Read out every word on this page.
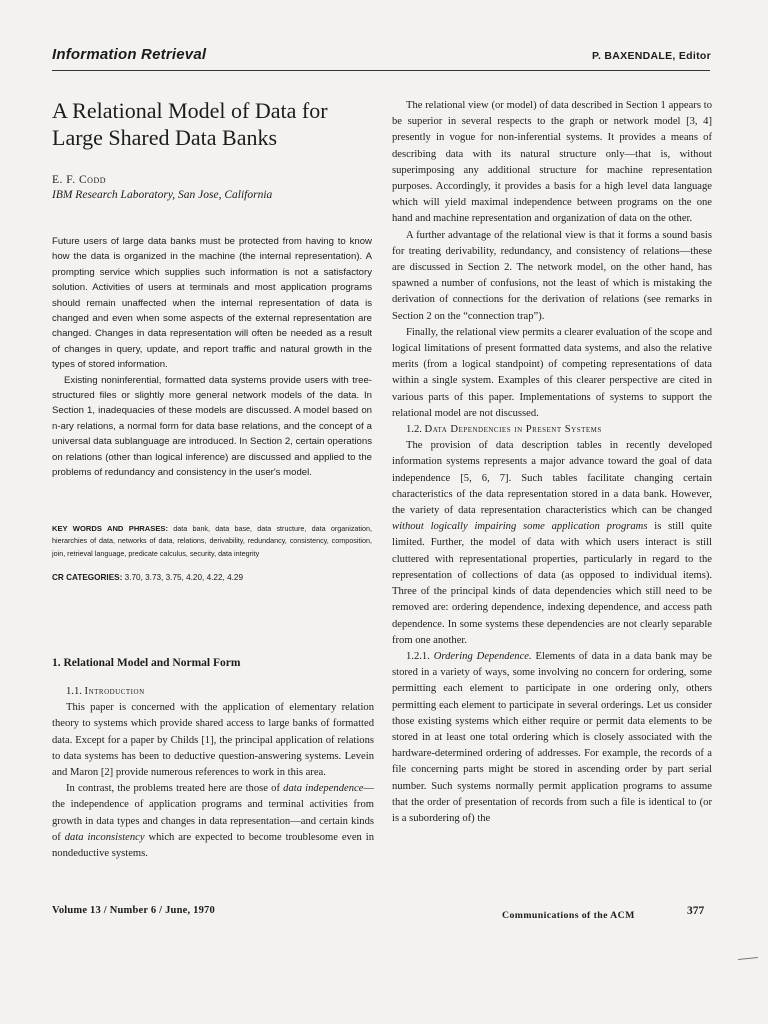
Information Retrieval	P. BAXENDALE, Editor
A Relational Model of Data for Large Shared Data Banks
E. F. Codd
IBM Research Laboratory, San Jose, California

Future users of large data banks must be protected from having to know how the data is organized in the machine (the internal representation). A prompting service which supplies such information is not a satisfactory solution. Activities of users at terminals and most application programs should remain unaffected when the internal representation of data is changed and even when some aspects of the external representation are changed. Changes in data representation will often be needed as a result of changes in query, update, and report traffic and natural growth in the types of stored information.

Existing noninferential, formatted data systems provide users with tree-structured files or slightly more general network models of the data. In Section 1, inadequacies of these models are discussed. A model based on n-ary relations, a normal form for data base relations, and the concept of a universal data sublanguage are introduced. In Section 2, certain operations on relations (other than logical inference) are discussed and applied to the problems of redundancy and consistency in the user's model.

KEY WORDS AND PHRASES: data bank, data base, data structure, data organization, hierarchies of data, networks of data, relations, derivability, redundancy, consistency, composition, join, retrieval language, predicate calculus, security, data integrity
CR CATEGORIES: 3.70, 3.73, 3.75, 4.20, 4.22, 4.29
1. Relational Model and Normal Form

1.1. Introduction

This paper is concerned with the application of elementary relation theory to systems which provide shared access to large banks of formatted data. Except for a paper by Childs [1], the principal application of relations to data systems has been to deductive question-answering systems. Levein and Maron [2] provide numerous references to work in this area.

In contrast, the problems treated here are those of data independence—the independence of application programs and terminal activities from growth in data types and changes in data representation—and certain kinds of data inconsistency which are expected to become troublesome even in nondeductive systems.

The relational view (or model) of data described in Section 1 appears to be superior in several respects to the graph or network model [3, 4] presently in vogue for non-inferential systems. It provides a means of describing data with its natural structure only—that is, without superimposing any additional structure for machine representation purposes. Accordingly, it provides a basis for a high level data language which will yield maximal independence between programs on the one hand and machine representation and organization of data on the other.

A further advantage of the relational view is that it forms a sound basis for treating derivability, redundancy, and consistency of relations—these are discussed in Section 2. The network model, on the other hand, has spawned a number of confusions, not the least of which is mistaking the derivation of connections for the derivation of relations (see remarks in Section 2 on the “connection trap”).

Finally, the relational view permits a clearer evaluation of the scope and logical limitations of present formatted data systems, and also the relative merits (from a logical standpoint) of competing representations of data within a single system. Examples of this clearer perspective are cited in various parts of this paper. Implementations of systems to support the relational model are not discussed.

1.2. Data Dependencies in Present Systems

The provision of data description tables in recently developed information systems represents a major advance toward the goal of data independence [5, 6, 7]. Such tables facilitate changing certain characteristics of the data representation stored in a data bank. However, the variety of data representation characteristics which can be changed without logically impairing some application programs is still quite limited. Further, the model of data with which users interact is still cluttered with representational properties, particularly in regard to the representation of collections of data (as opposed to individual items). Three of the principal kinds of data dependencies which still need to be removed are: ordering dependence, indexing dependence, and access path dependence. In some systems these dependencies are not clearly separable from one another.

1.2.1. Ordering Dependence. Elements of data in a data bank may be stored in a variety of ways, some involving no concern for ordering, some permitting each element to participate in one ordering only, others permitting each element to participate in several orderings. Let us consider those existing systems which either require or permit data elements to be stored in at least one total ordering which is closely associated with the hardware-determined ordering of addresses. For example, the records of a file concerning parts might be stored in ascending order by part serial number. Such systems normally permit application programs to assume that the order of presentation of records from such a file is identical to (or is a subordering of) the

Volume 13 / Number 6 / June, 1970	Communications of the ACM	377
